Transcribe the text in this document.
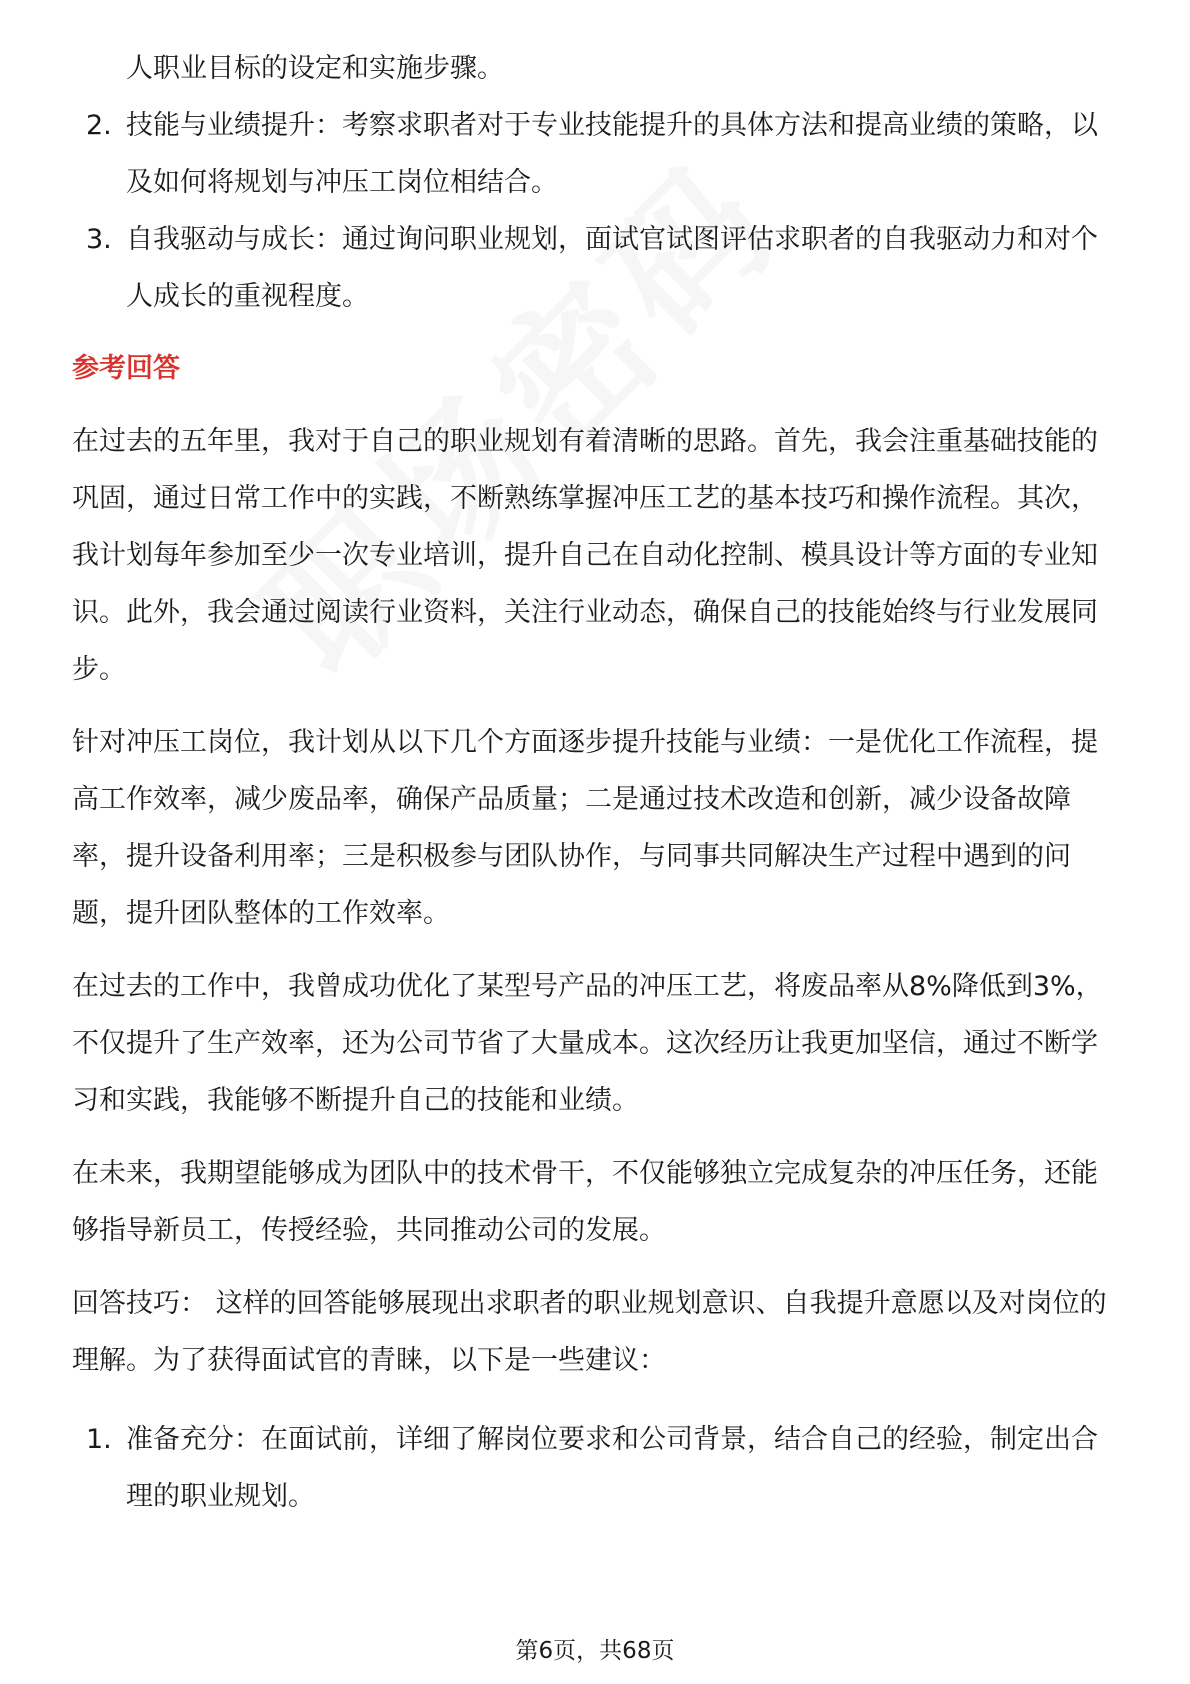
人职业目标的设定和实施步骤。
2. 技能与业绩提升：考察求职者对于专业技能提升的具体方法和提高业绩的策略，以及如何将规划与冲压工岗位相结合。
3. 自我驱动与成长：通过询问职业规划，面试官试图评估求职者的自我驱动力和对个人成长的重视程度。
参考回答

在过去的五年里，我对于自己的职业规划有着清晰的思路。首先，我会注重基础技能的巩固，通过日常工作中的实践，不断熟练掌握冲压工艺的基本技巧和操作流程。其次，我计划每年参加至少一次专业培训，提升自己在自动化控制、模具设计等方面的专业知识。此外，我会通过阅读行业资料，关注行业动态，确保自己的技能始终与行业发展同步。

针对冲压工岗位，我计划从以下几个方面逐步提升技能与业绩：一是优化工作流程，提高工作效率，减少废品率，确保产品质量；二是通过技术改造和创新，减少设备故障率，提升设备利用率；三是积极参与团队协作，与同事共同解决生产过程中遇到的问题，提升团队整体的工作效率。

在过去的工作中，我曾成功优化了某型号产品的冲压工艺，将废品率从8%降低到3%，不仅提升了生产效率，还为公司节省了大量成本。这次经历让我更加坚信，通过不断学习和实践，我能够不断提升自己的技能和业绩。

在未来，我期望能够成为团队中的技术骨干，不仅能够独立完成复杂的冲压任务，还能够指导新员工，传授经验，共同推动公司的发展。

回答技巧： 这样的回答能够展现出求职者的职业规划意识、自我提升意愿以及对岗位的理解。为了获得面试官的青睐，以下是一些建议：

1. 准备充分：在面试前，详细了解岗位要求和公司背景，结合自己的经验，制定出合理的职业规划。
第6页，共68页
